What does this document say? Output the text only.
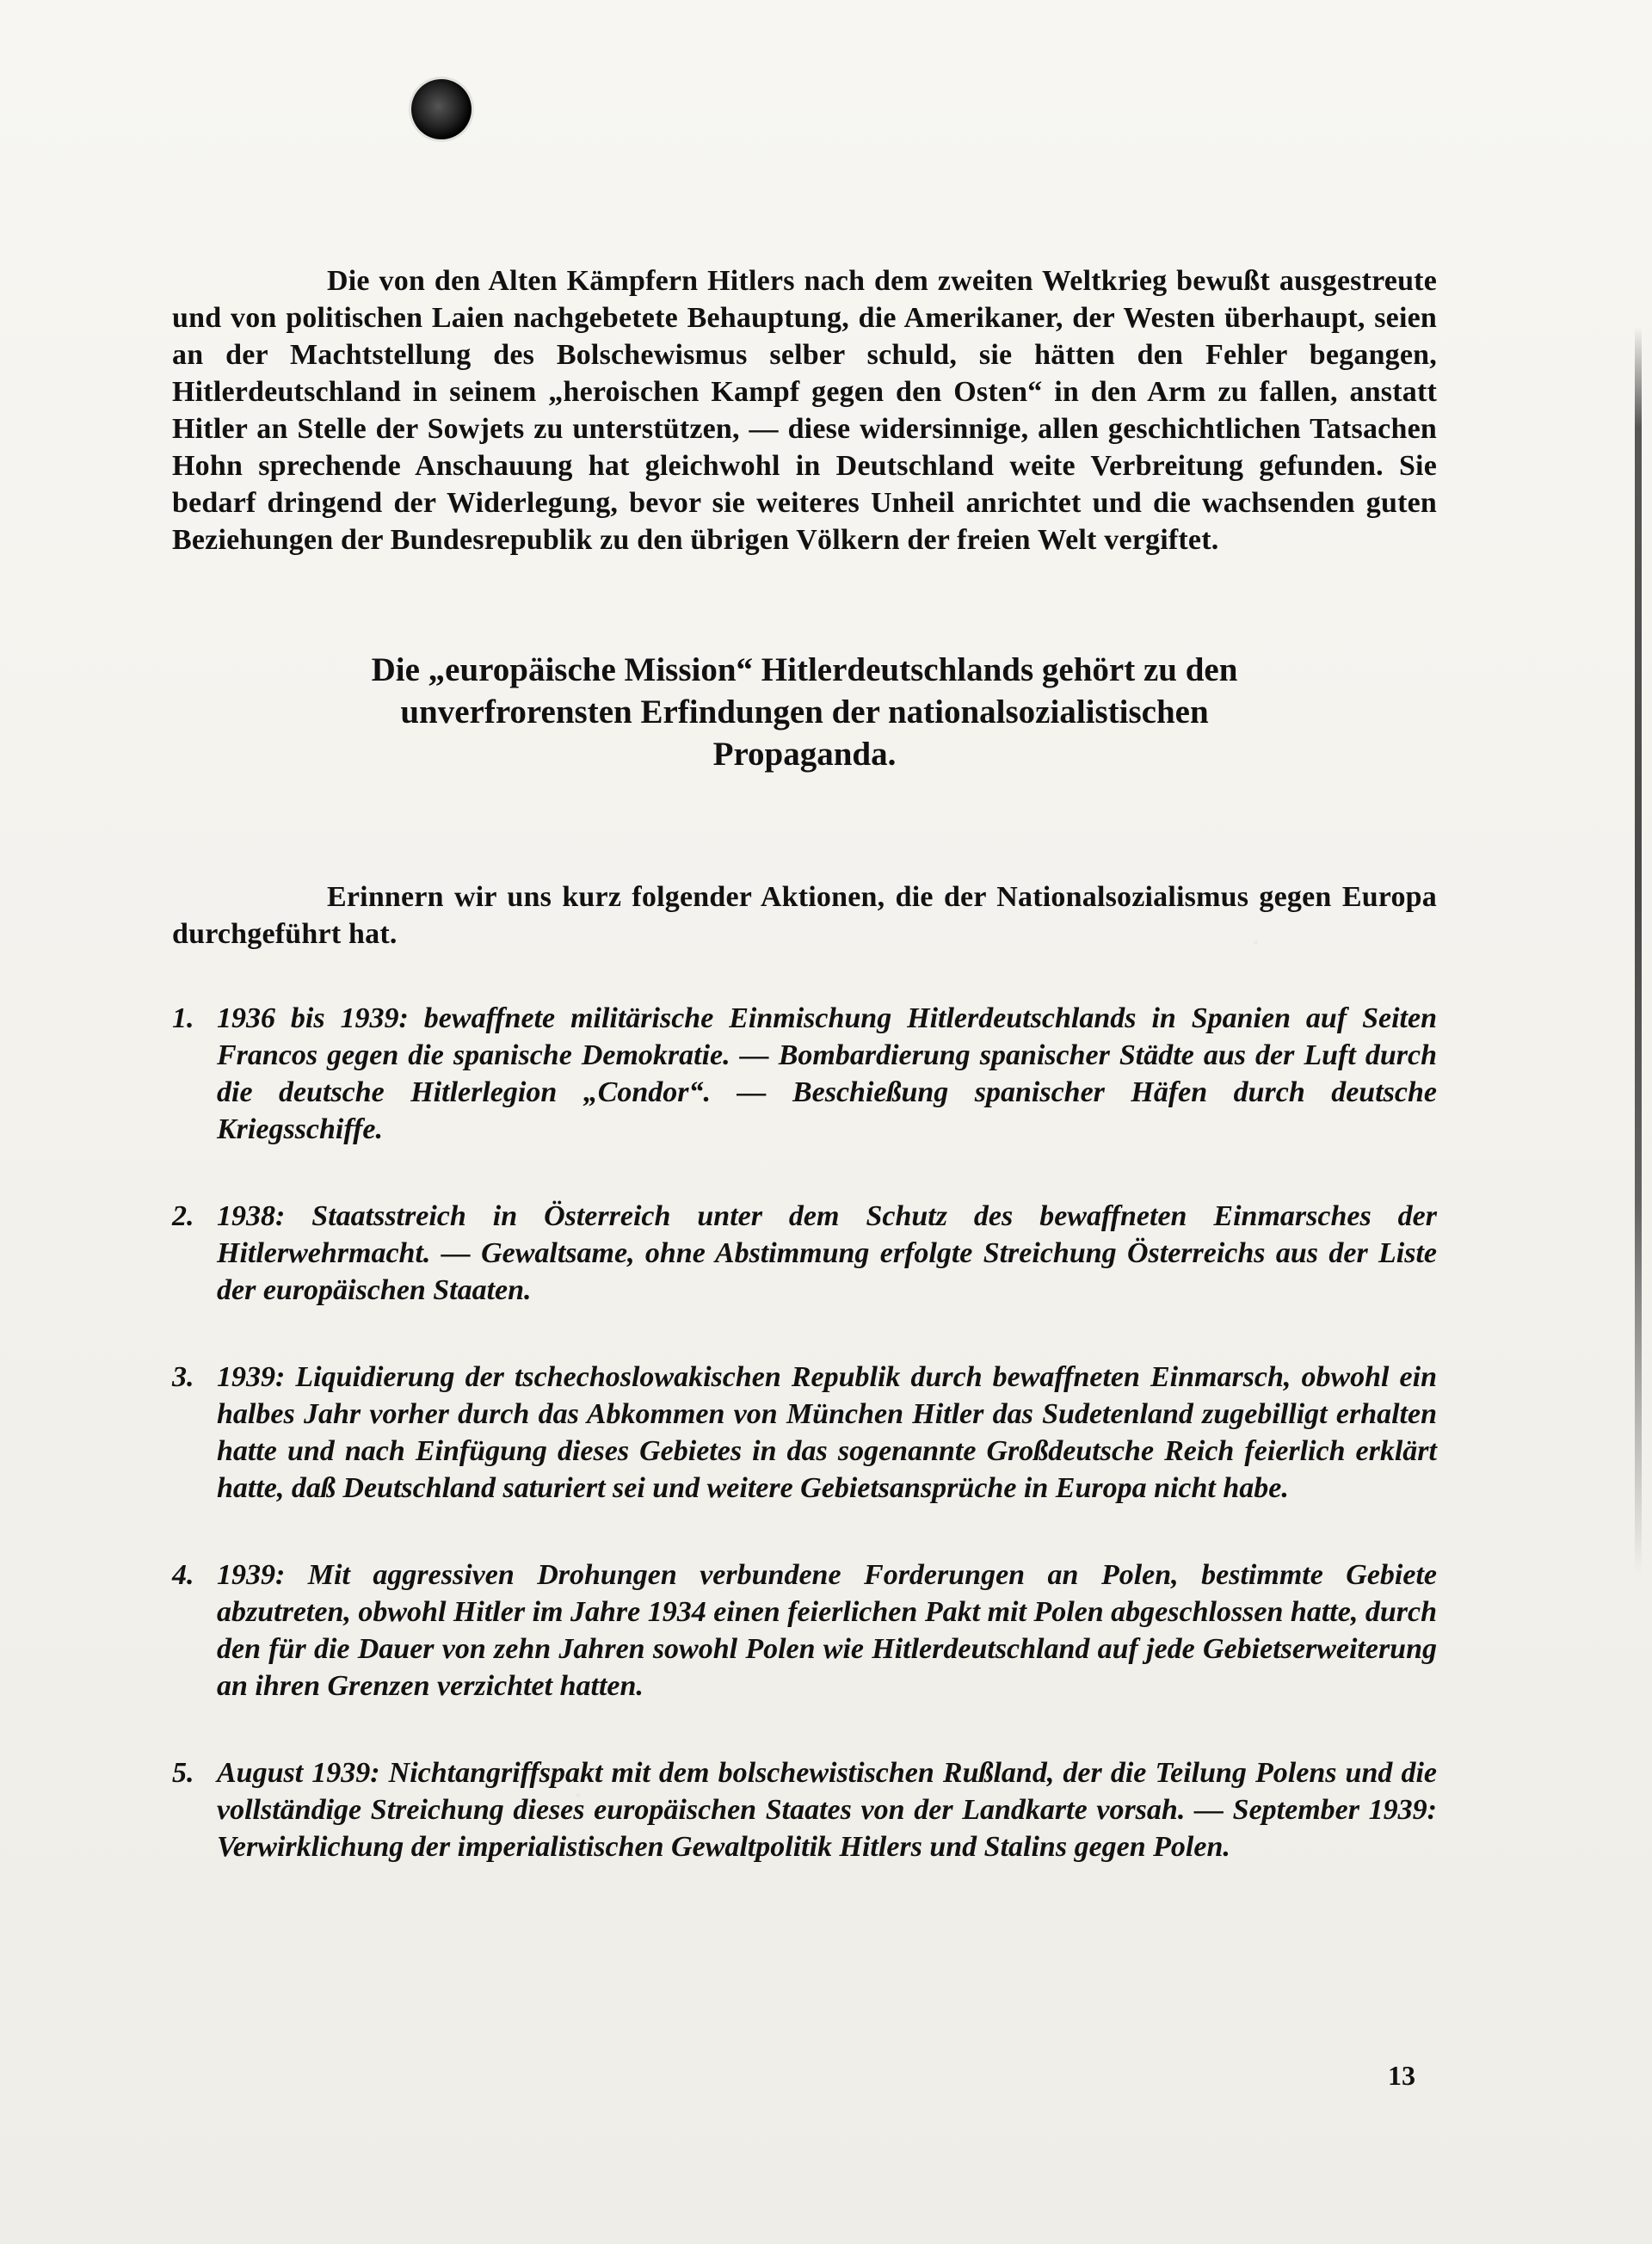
Die von den Alten Kämpfern Hitlers nach dem zweiten Weltkrieg bewußt ausgestreute und von politischen Laien nachgebetete Behauptung, die Amerikaner, der Westen überhaupt, seien an der Machtstellung des Bolschewismus selber schuld, sie hätten den Fehler begangen, Hitlerdeutschland in seinem „heroischen Kampf gegen den Osten“ in den Arm zu fallen, anstatt Hitler an Stelle der Sowjets zu unterstützen, — diese widersinnige, allen geschichtlichen Tatsachen Hohn sprechende Anschauung hat gleichwohl in Deutschland weite Verbreitung gefunden. Sie bedarf dringend der Widerlegung, bevor sie weiteres Unheil anrichtet und die wachsenden guten Beziehungen der Bundesrepublik zu den übrigen Völkern der freien Welt vergiftet.

Die „europäische Mission“ Hitlerdeutschlands gehört zu den unverfrorensten Erfindungen der nationalsozialistischen Propaganda.

Erinnern wir uns kurz folgender Aktionen, die der Nationalsozialismus gegen Europa durchgeführt hat.

1. 1936 bis 1939: bewaffnete militärische Einmischung Hitlerdeutschlands in Spanien auf Seiten Francos gegen die spanische Demokratie. — Bombardierung spanischer Städte aus der Luft durch die deutsche Hitlerlegion „Condor“. — Beschießung spanischer Häfen durch deutsche Kriegsschiffe.
2. 1938: Staatsstreich in Österreich unter dem Schutz des bewaffneten Einmarsches der Hitlerwehrmacht. — Gewaltsame, ohne Abstimmung erfolgte Streichung Österreichs aus der Liste der europäischen Staaten.
3. 1939: Liquidierung der tschechoslowakischen Republik durch bewaffneten Einmarsch, obwohl ein halbes Jahr vorher durch das Abkommen von München Hitler das Sudetenland zugebilligt erhalten hatte und nach Einfügung dieses Gebietes in das sogenannte Großdeutsche Reich feierlich erklärt hatte, daß Deutschland saturiert sei und weitere Gebietsansprüche in Europa nicht habe.
4. 1939: Mit aggressiven Drohungen verbundene Forderungen an Polen, bestimmte Gebiete abzutreten, obwohl Hitler im Jahre 1934 einen feierlichen Pakt mit Polen abgeschlossen hatte, durch den für die Dauer von zehn Jahren sowohl Polen wie Hitlerdeutschland auf jede Gebietserweiterung an ihren Grenzen verzichtet hatten.
5. August 1939: Nichtangriffspakt mit dem bolschewistischen Rußland, der die Teilung Polens und die vollständige Streichung dieses europäischen Staates von der Landkarte vorsah. — September 1939: Verwirklichung der imperialistischen Gewaltpolitik Hitlers und Stalins gegen Polen.
13
